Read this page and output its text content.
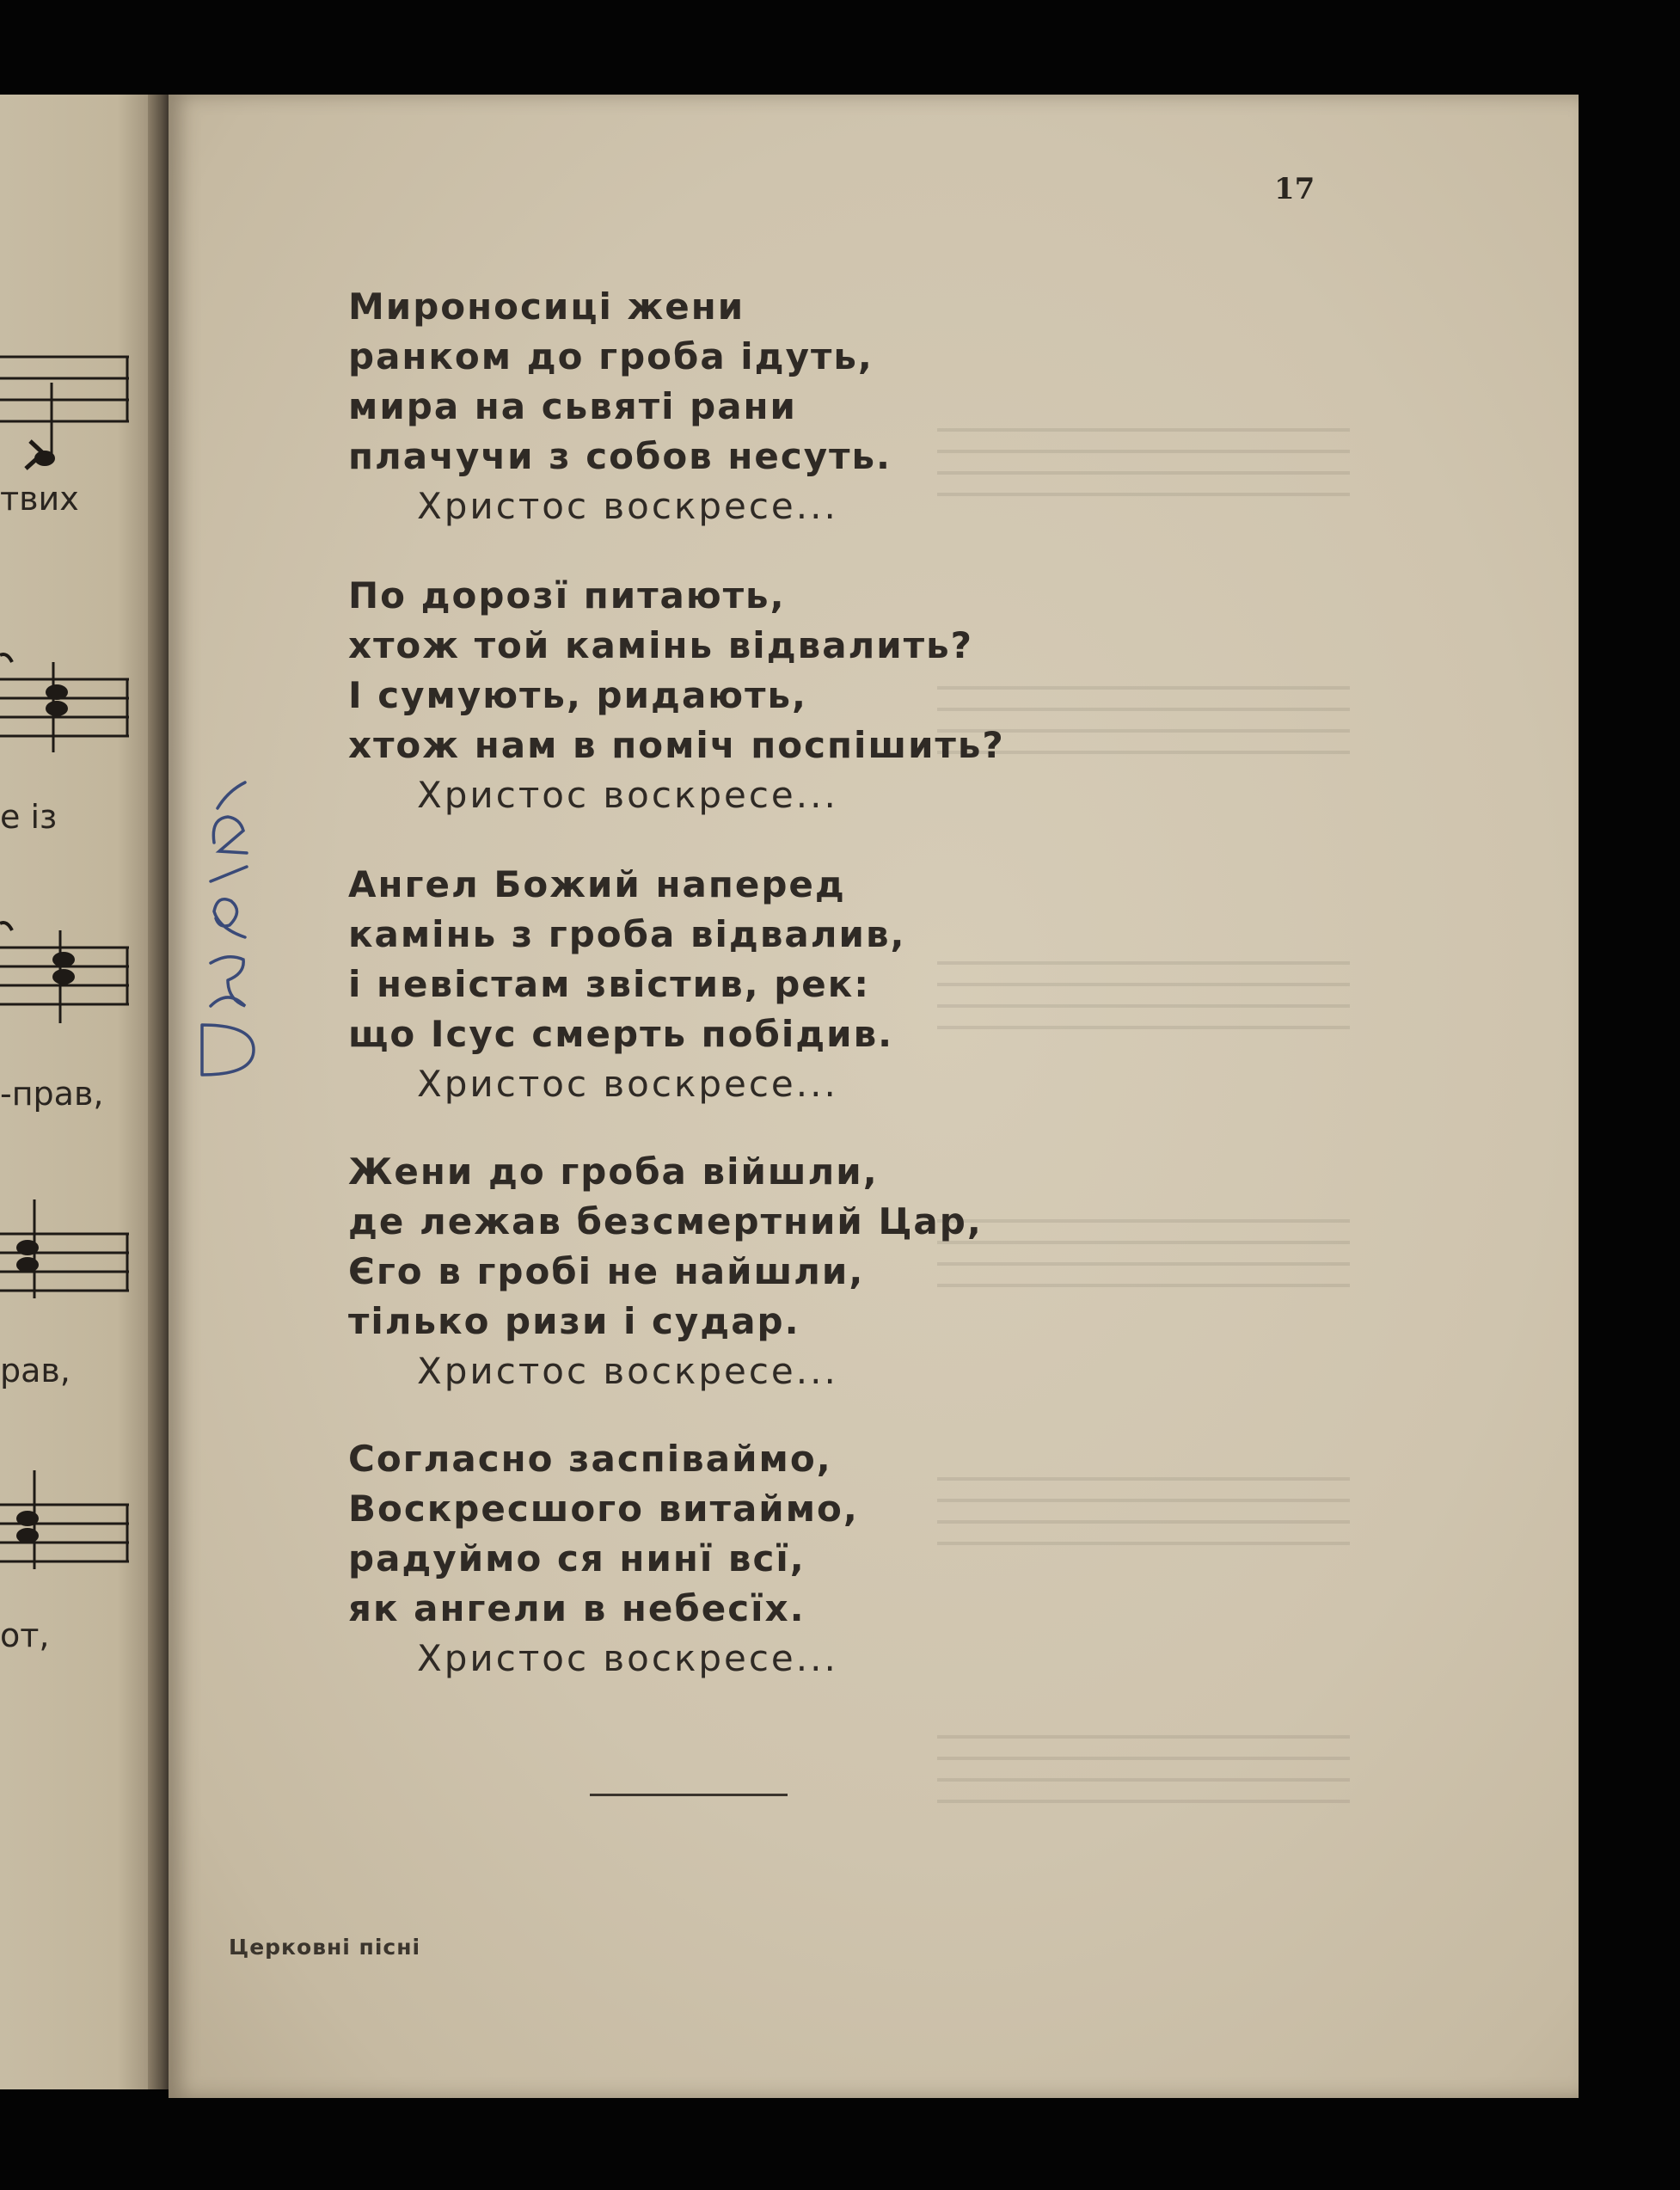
твих
е із
-прав,
рав,
от,
17
Мироносиці жени
ранком до гроба ідуть,
мира на сьвяті рани
плачучи з собов несуть.
Христос воскресе...
По дорозї питають,
хтож той камінь відвалить?
І сумують, ридають,
хтож нам в поміч поспішить?
Христос воскресе...
Ангел Божий наперед
камінь з гроба відвалив,
і невістам звістив, рек:
що Ісус смерть побідив.
Христос воскресе...
Жени до гроба війшли,
де лежав безсмертний Цар,
Єго в гробі не найшли,
тілько ризи і судар.
Христос воскресе...
Согласно заспіваймо,
Воскресшого витаймо,
радуймо ся нинї всї,
як ангели в небесїх.
Христос воскресе...
Церковні пісні
